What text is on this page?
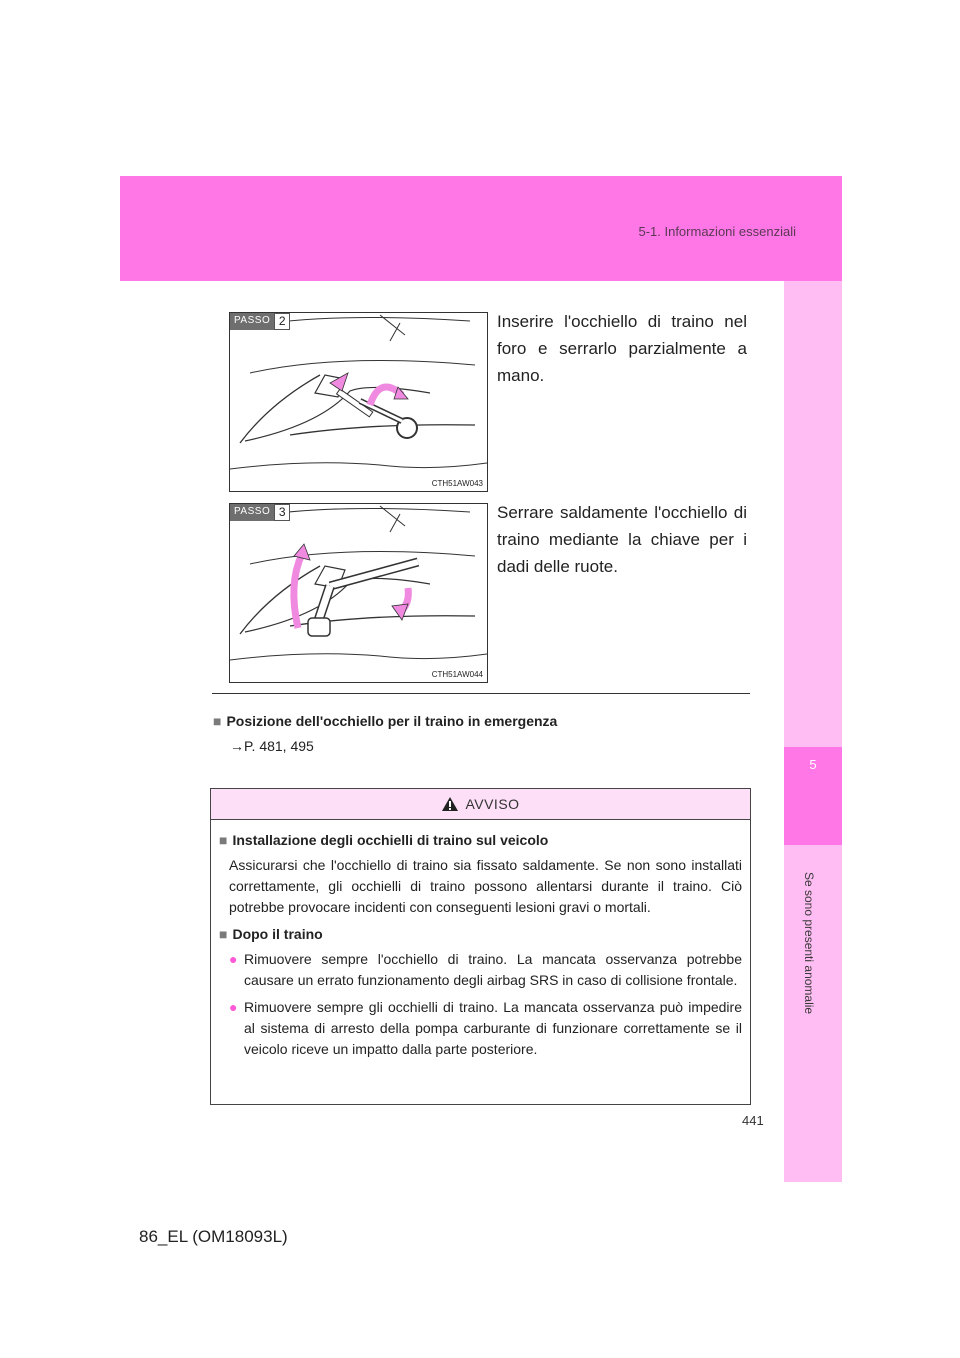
5-1. Informazioni essenziali
5
Se sono presenti anomalie
PASSO 2
CTH51AW043
Inserire l'occhiello di traino nel foro e serrarlo parzialmente a mano.
PASSO 3
CTH51AW044
Serrare saldamente l'occhiello di traino mediante la chiave per i dadi delle ruote.
■ Posizione dell'occhiello per il traino in emergenza
→P. 481, 495
AVVISO
■ Installazione degli occhielli di traino sul veicolo
Assicurarsi che l'occhiello di traino sia fissato saldamente. Se non sono installati correttamente, gli occhielli di traino possono allentarsi durante il traino. Ciò potrebbe provocare incidenti con conseguenti lesioni gravi o mortali.
■ Dopo il traino
● Rimuovere sempre l'occhiello di traino. La mancata osservanza potrebbe causare un errato funzionamento degli airbag SRS in caso di collisione frontale.
● Rimuovere sempre gli occhielli di traino. La mancata osservanza può impedire al sistema di arresto della pompa carburante di funzionare correttamente se il veicolo riceve un impatto dalla parte posteriore.
441
86_EL (OM18093L)
